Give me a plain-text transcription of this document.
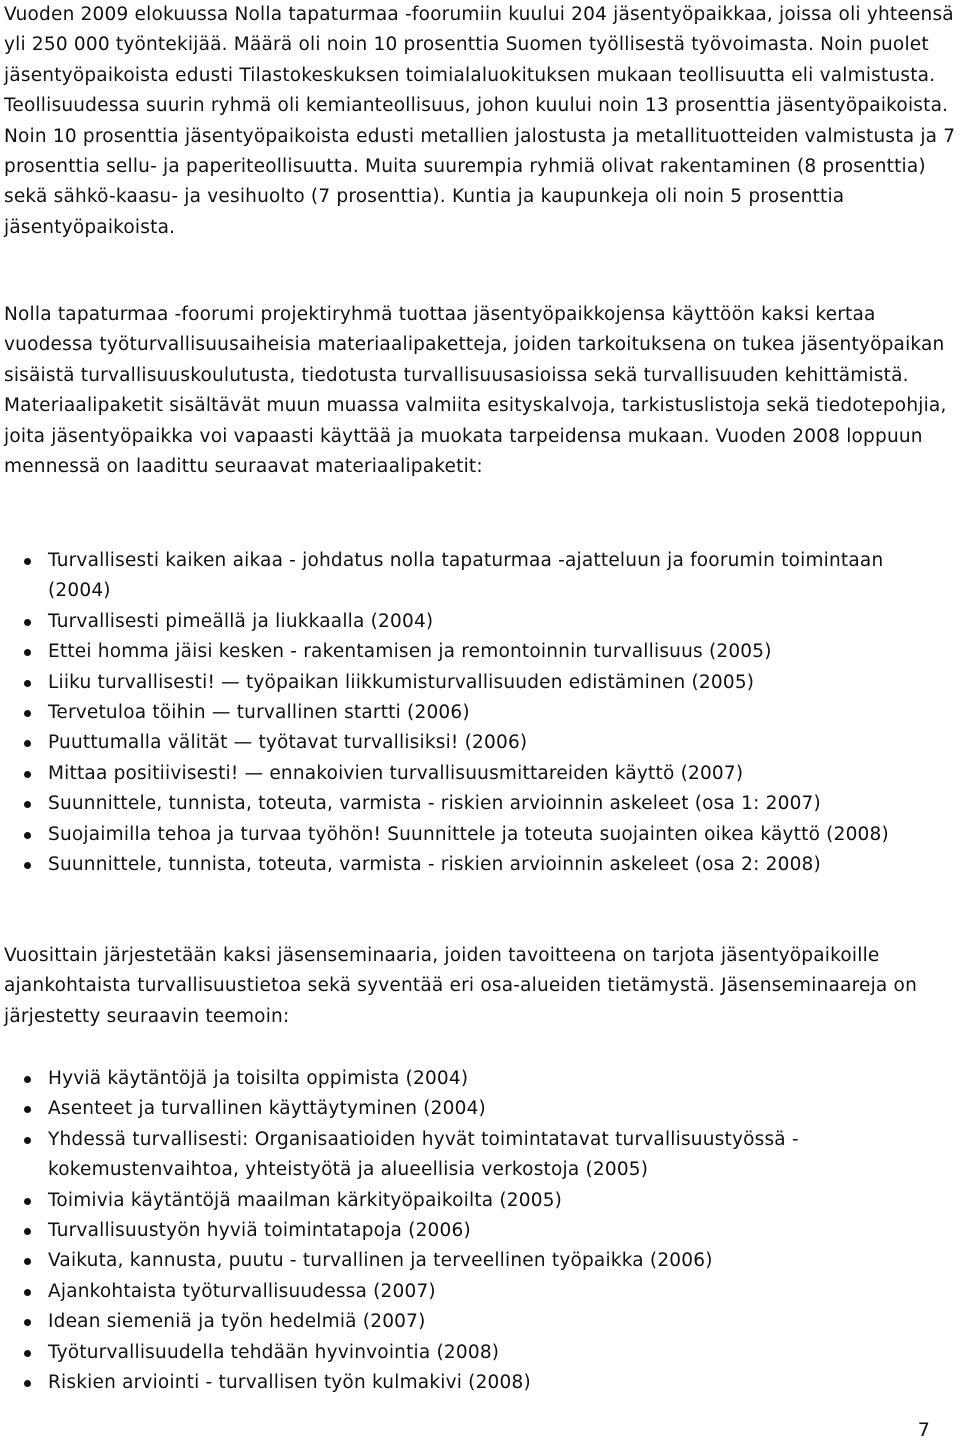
Vuoden 2009 elokuussa Nolla tapaturmaa -foorumiin kuului 204 jäsentyöpaikkaa, joissa oli yhteensä yli 250 000 työntekijää. Määrä oli noin 10 prosenttia Suomen työllisestä työvoimasta. Noin puolet jäsentyöpaikoista edusti Tilastokeskuksen toimialaluokituksen mukaan teollisuutta eli valmistusta. Teollisuudessa suurin ryhmä oli kemianteollisuus, johon kuului noin 13 prosenttia jäsentyöpaikoista. Noin 10 prosenttia jäsentyöpaikoista edusti metallien jalostusta ja metallituotteiden valmistusta ja 7 prosenttia sellu- ja paperiteollisuutta. Muita suurempia ryhmiä olivat rakentaminen (8 prosenttia) sekä sähkö-kaasu- ja vesihuolto (7 prosenttia). Kuntia ja kaupunkeja oli noin 5 prosenttia jäsentyöpaikoista.

Nolla tapaturmaa -foorumi projektiryhmä tuottaa jäsentyöpaikkojensa käyttöön kaksi kertaa vuodessa työturvallisuusaiheisia materiaalipaketteja, joiden tarkoituksena on tukea jäsentyöpaikan sisäistä turvallisuuskoulutusta, tiedotusta turvallisuusasioissa sekä turvallisuuden kehittämistä. Materiaalipaketit sisältävät muun muassa valmiita esityskalvoja, tarkistuslistoja sekä tiedotepohjia, joita jäsentyöpaikka voi vapaasti käyttää ja muokata tarpeidensa mukaan. Vuoden 2008 loppuun mennessä on laadittu seuraavat materiaalipaketit:

Turvallisesti kaiken aikaa - johdatus nolla tapaturmaa -ajatteluun ja foorumin toimintaan (2004)
Turvallisesti pimeällä ja liukkaalla (2004)
Ettei homma jäisi kesken - rakentamisen ja remontoinnin turvallisuus (2005)
Liiku turvallisesti! — työpaikan liikkumisturvallisuuden edistäminen (2005)
Tervetuloa töihin — turvallinen startti (2006)
Puuttumalla välität — työtavat turvallisiksi! (2006)
Mittaa positiivisesti! — ennakoivien turvallisuusmittareiden käyttö (2007)
Suunnittele, tunnista, toteuta, varmista - riskien arvioinnin askeleet (osa 1: 2007)
Suojaimilla tehoa ja turvaa työhön! Suunnittele ja toteuta suojainten oikea käyttö (2008)
Suunnittele, tunnista, toteuta, varmista - riskien arvioinnin askeleet (osa 2: 2008)

Vuosittain järjestetään kaksi jäsenseminaaria, joiden tavoitteena on tarjota jäsentyöpaikoille ajankohtaista turvallisuustietoa sekä syventää eri osa-alueiden tietämystä. Jäsenseminaareja on järjestetty seuraavin teemoin:

Hyviä käytäntöjä ja toisilta oppimista (2004)
Asenteet ja turvallinen käyttäytyminen (2004)
Yhdessä turvallisesti: Organisaatioiden hyvät toimintatavat turvallisuustyössä - kokemustenvaihtoa, yhteistyötä ja alueellisia verkostoja (2005)
Toimivia käytäntöjä maailman kärkityöpaikoilta (2005)
Turvallisuustyön hyviä toimintatapoja (2006)
Vaikuta, kannusta, puutu - turvallinen ja terveellinen työpaikka (2006)
Ajankohtaista työturvallisuudessa (2007)
Idean siemeniä ja työn hedelmiä (2007)
Työturvallisuudella tehdään hyvinvointia (2008)
Riskien arviointi - turvallisen työn kulmakivi (2008)
7
